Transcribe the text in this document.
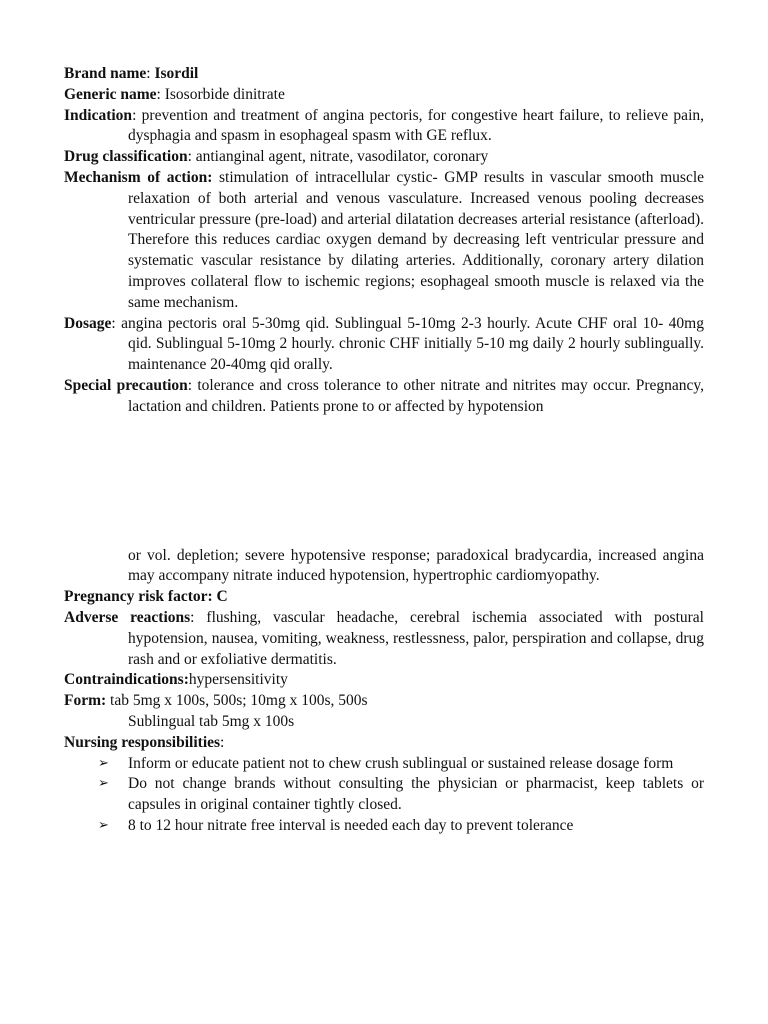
Brand name: Isordil
Generic name: Isosorbide dinitrate
Indication: prevention and treatment of angina pectoris, for congestive heart failure, to relieve pain, dysphagia and spasm in esophageal spasm with GE reflux.
Drug classification: antianginal agent, nitrate, vasodilator, coronary
Mechanism of action: stimulation of intracellular cystic- GMP results in vascular smooth muscle relaxation of both arterial and venous vasculature. Increased venous pooling decreases ventricular pressure (pre-load) and arterial dilatation decreases arterial resistance (afterload). Therefore this reduces cardiac oxygen demand by decreasing left ventricular pressure and systematic vascular resistance by dilating arteries. Additionally, coronary artery dilation improves collateral flow to ischemic regions; esophageal smooth muscle is relaxed via the same mechanism.
Dosage: angina pectoris oral 5-30mg qid. Sublingual 5-10mg 2-3 hourly. Acute CHF oral 10- 40mg qid. Sublingual 5-10mg 2 hourly. chronic CHF initially 5-10 mg daily 2 hourly sublingually. maintenance 20-40mg qid orally.
Special precaution: tolerance and cross tolerance to other nitrate and nitrites may occur. Pregnancy, lactation and children. Patients prone to or affected by hypotension
or vol. depletion; severe hypotensive response; paradoxical bradycardia, increased angina may accompany nitrate induced hypotension, hypertrophic cardiomyopathy.
Pregnancy risk factor: C
Adverse reactions: flushing, vascular headache, cerebral ischemia associated with postural hypotension, nausea, vomiting, weakness, restlessness, palor, perspiration and collapse, drug rash and or exfoliative dermatitis.
Contraindications:hypersensitivity
Form: tab 5mg x 100s, 500s; 10mg x 100s, 500s
Sublingual tab 5mg x 100s
Nursing responsibilities:
➢ Inform or educate patient not to chew crush sublingual or sustained release dosage form
➢ Do not change brands without consulting the physician or pharmacist, keep tablets or capsules in original container tightly closed.
➢ 8 to 12 hour nitrate free interval is needed each day to prevent tolerance
